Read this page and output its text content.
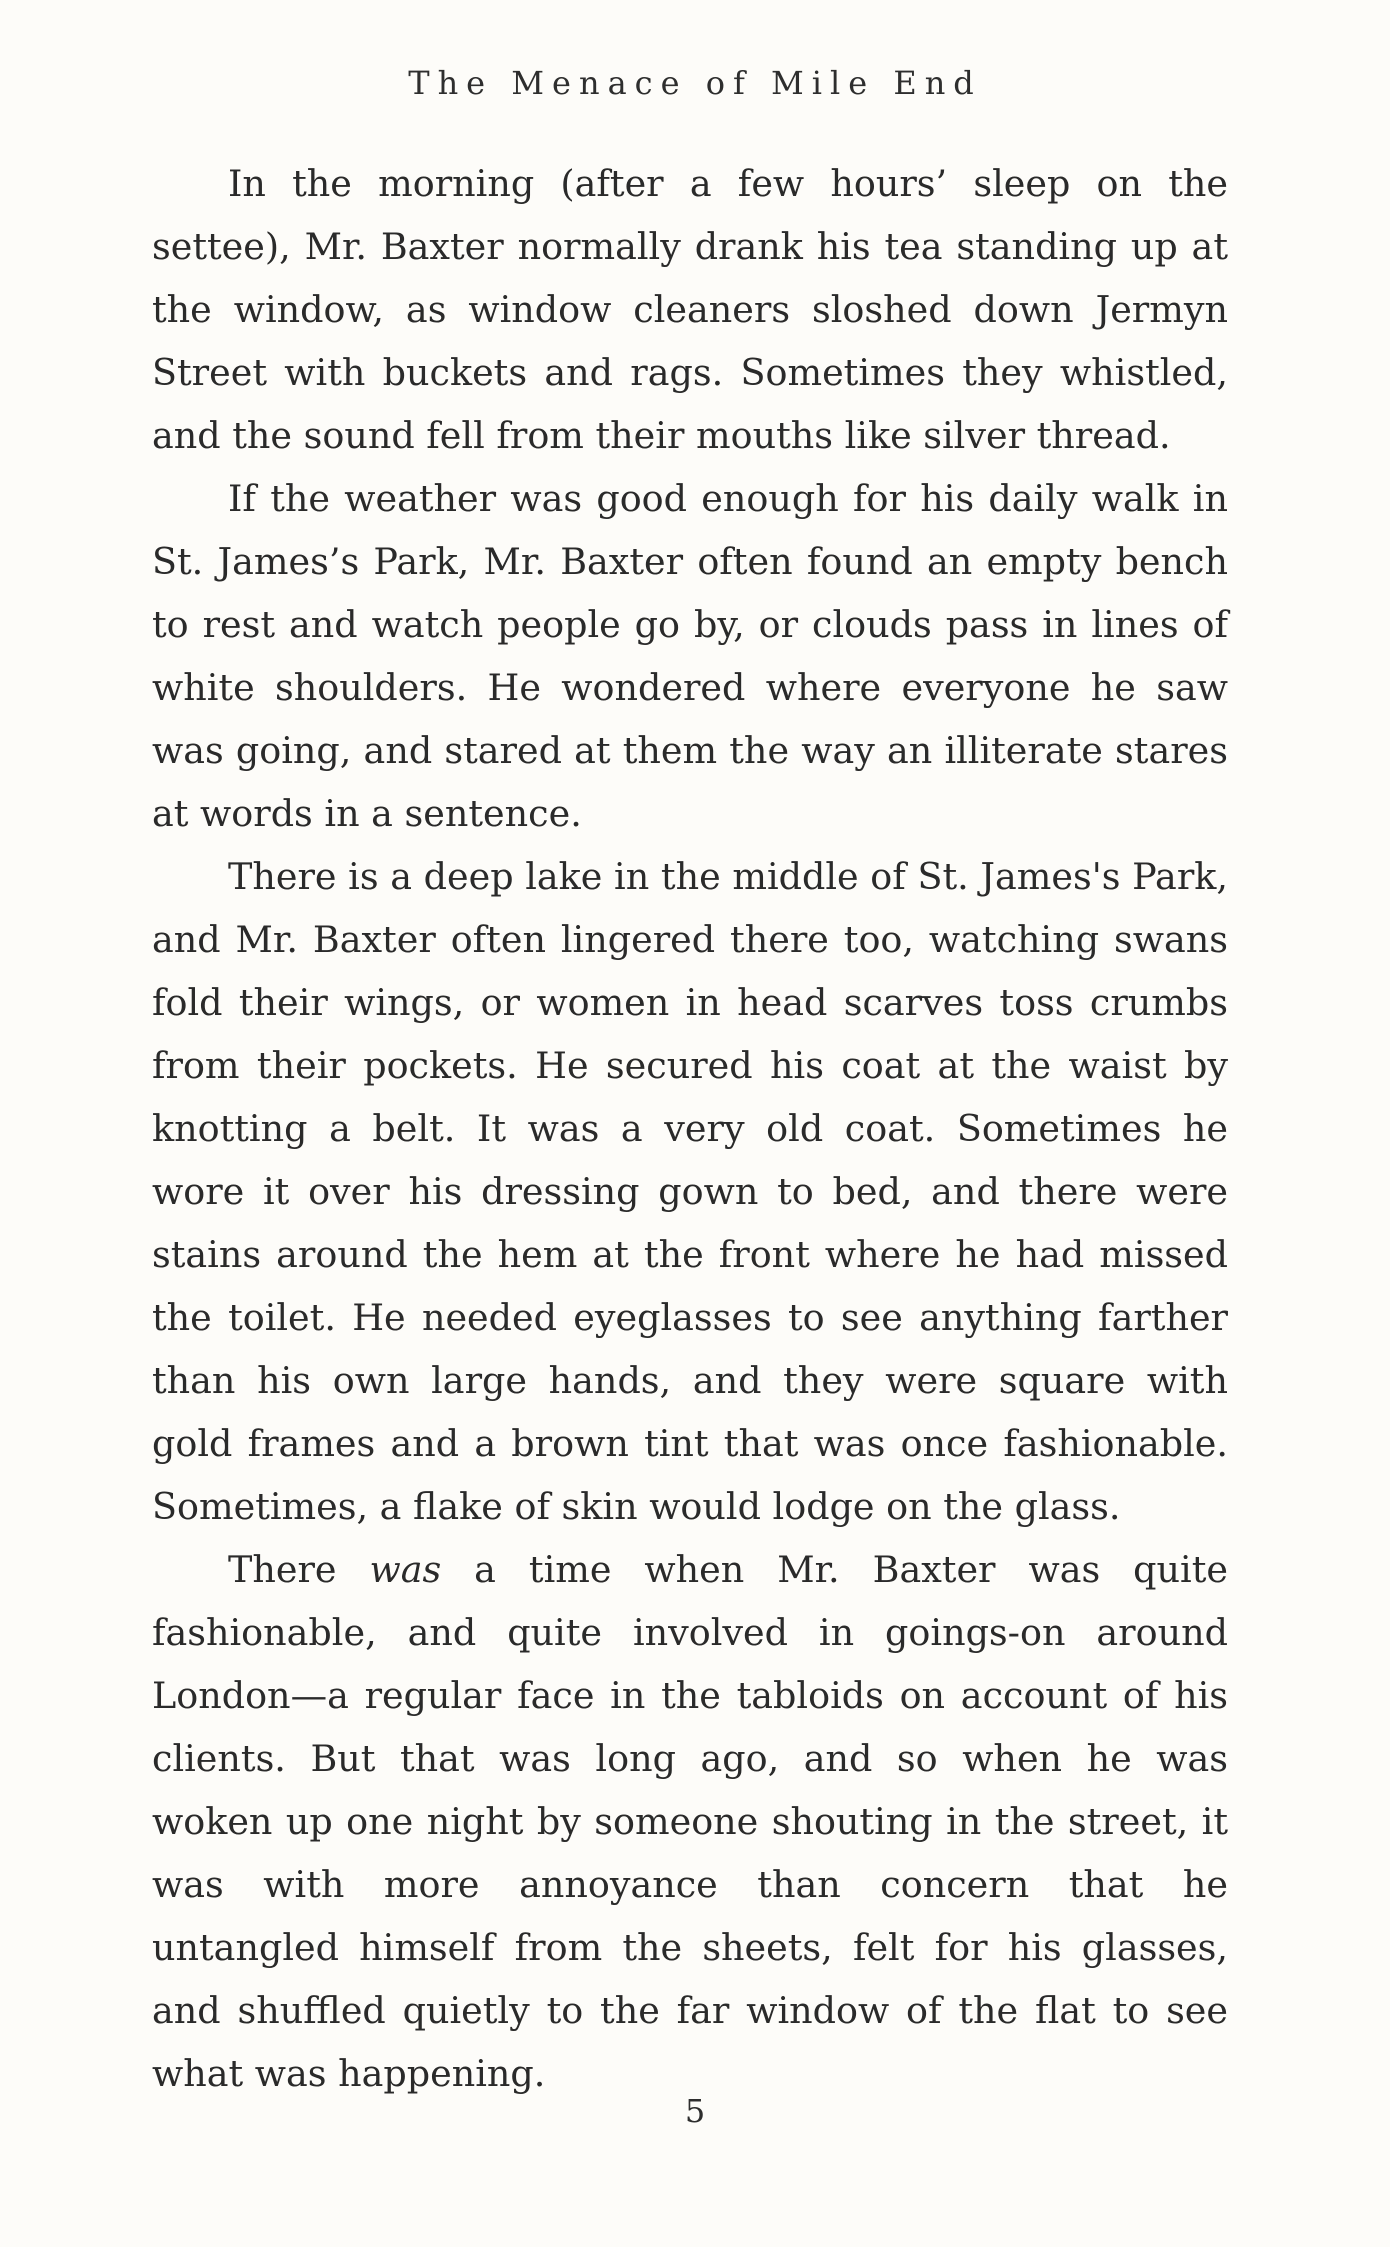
The Menace of Mile End

In the morning (after a few hours’ sleep on the settee), Mr. Baxter normally drank his tea standing up at the window, as window cleaners sloshed down Jermyn Street with buckets and rags. Sometimes they whistled, and the sound fell from their mouths like silver thread.

If the weather was good enough for his daily walk in St. James’s Park, Mr. Baxter often found an empty bench to rest and watch people go by, or clouds pass in lines of white shoulders. He wondered where everyone he saw was going, and stared at them the way an illiterate stares at words in a sentence.

There is a deep lake in the middle of St. James's Park, and Mr. Baxter often lingered there too, watching swans fold their wings, or women in head scarves toss crumbs from their pockets. He secured his coat at the waist by knotting a belt. It was a very old coat. Sometimes he wore it over his dressing gown to bed, and there were stains around the hem at the front where he had missed the toilet. He needed eyeglasses to see anything farther than his own large hands, and they were square with gold frames and a brown tint that was once fashionable. Sometimes, a flake of skin would lodge on the glass.

There was a time when Mr. Baxter was quite fashionable, and quite involved in goings-on around London—a regular face in the tabloids on account of his clients. But that was long ago, and so when he was woken up one night by someone shouting in the street, it was with more annoyance than concern that he untangled himself from the sheets, felt for his glasses, and shuffled quietly to the far window of the flat to see what was happening.

5
